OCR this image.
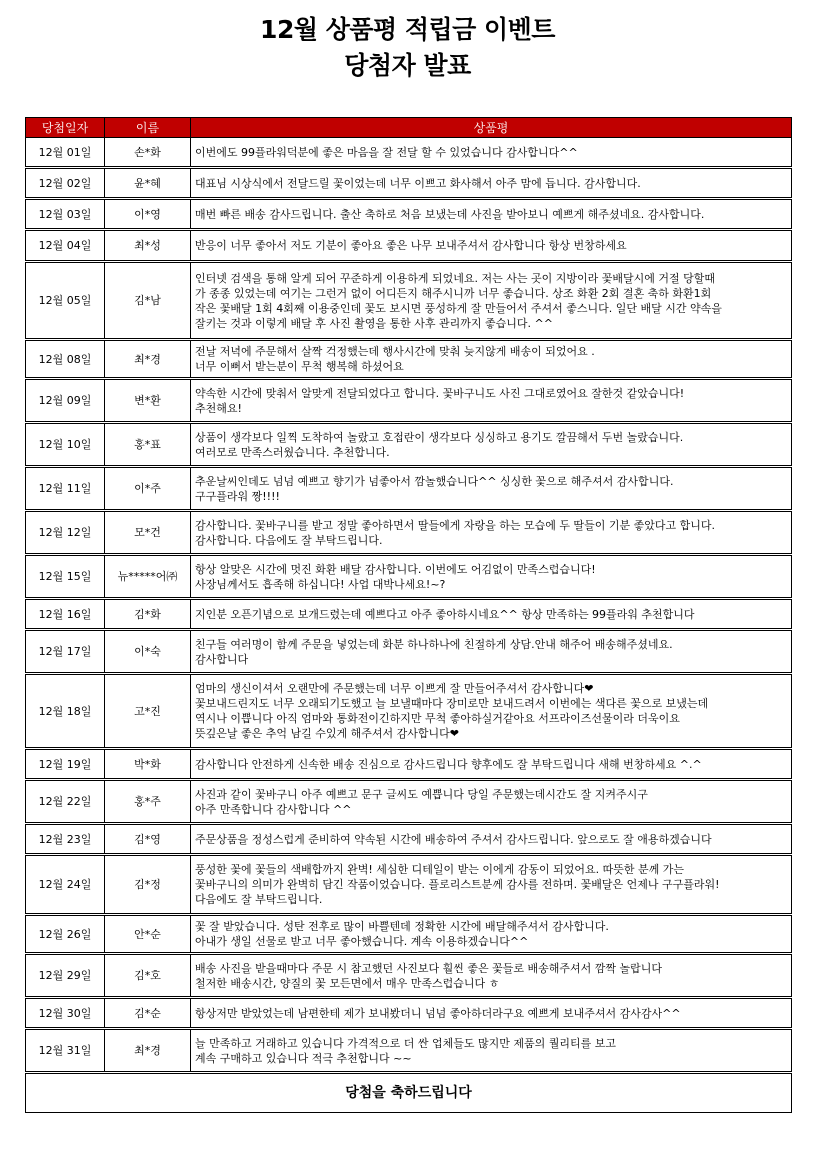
12월 상품평 적립금 이벤트
당첨자 발표
당첨일자	이름	상품평
12월 01일	손*화	이번에도 99플라워덕분에 좋은 마음을 잘 전달 할 수 있었습니다 감사합니다^^

12월 02일	윤*혜	대표님 시상식에서 전달드릴 꽃이었는데 너무 이쁘고 화사해서 아주 맘에 듭니다. 감사합니다.

12월 03일	이*영	매번 빠른 배송 감사드립니다. 출산 축하로 처음 보냈는데 사진을 받아보니 예쁘게 해주셨네요. 감사합니다.

12월 04일	최*성	반응이 너무 좋아서 저도 기분이 좋아요 좋은 나무 보내주셔서 감사합니다 항상 번창하세요

12월 05일	김*남	인터넷 검색을 통해 알게 되어 꾸준하게 이용하게 되었네요. 저는 사는 곳이 지방이라 꽃배달시에 거절 당할때
가 종종 있었는데 여기는 그런거 없이 어디든지 해주시니까 너무 좋습니다. 상조 화환 2회 결혼 축하 화환1회
작은 꽃배달 1회 4회째 이용중인데 꽃도 보시면 풍성하게 잘 만들어서 주셔서 좋스니다. 일단 배달 시간 약속을
잘키는 것과 이렇게 배달 후 사진 촬영을 통한 사후 관리까지 좋습니다. ^^

12월 08일	최*경	전날 저녁에 주문해서 살짝 걱정했는데 행사시간에 맞춰 늦지않게 배송이 되었어요 .
너무 이뻐서 받는분이 무척 행복해 하셨어요

12월 09일	변*환	약속한 시간에 맞춰서 알맞게 전달되었다고 합니다. 꽃바구니도 사진 그대로였어요 잘한것 같았습니다!
추천해요!

12월 10일	홍*표	상품이 생각보다 일찍 도착하여 놀랐고 호접란이 생각보다 싱싱하고 용기도 깔끔해서 두번 놀랐습니다.
여러모로 만족스러웠습니다. 추천합니다.

12월 11일	이*주	추운날씨인데도 넘넘 예쁘고 향기가 넘좋아서 깜놀했습니다^^ 싱싱한 꽃으로 해주셔서 감사합니다.
구구플라워 짱!!!!

12월 12일	모*건	감사합니다. 꽃바구니를 받고 정말 좋아하면서 딸들에게 자랑을 하는 모습에 두 딸들이 기분 좋았다고 합니다.
감사합니다. 다음에도 잘 부탁드립니다.

12월 15일	뉴*****어㈜	항상 알맞은 시간에 멋진 화환 배달 감사합니다. 이번에도 어김없이 만족스럽습니다!
사장님께서도 흡족해 하십니다! 사업 대박나세요!~?

12월 16일	김*화	지인분 오픈기념으로 보개드렸는데 예쁘다고 아주 좋아하시네요^^ 항상 만족하는 99플라워 추천합니다

12월 17일	이*숙	친구들 여러명이 함께 주문을 넣었는데 화분 하나하나에 친절하게 상담.안내 해주어 배송해주셨네요.
감사합니다

12월 18일	고*진	엄마의 생신이셔서 오랜만에 주문했는데 너무 이쁘게 잘 만들어주셔서 감사합니다❤
꽃보내드린지도 너무 오래되기도했고 늘 보낼때마다 장미로만 보내드려서 이번에는 색다른 꽃으로 보냈는데
역시나 이쁩니다 아직 엄마와 통화전이긴하지만 무척 좋아하실거같아요 서프라이즈선물이라 더욱이요
뜻깊은날 좋은 추억 남길 수있게 해주셔서 감사합니다❤

12월 19일	박*화	감사합니다 안전하게 신속한 배송 진심으로 감사드립니다 향후에도 잘 부탁드립니다 새해 번창하세요 ^.^

12월 22일	홍*주	사진과 같이 꽃바구니 아주 예쁘고 문구 글씨도 예쁩니다 당일 주문했는데시간도 잘 지켜주시구
아주 만족합니다 감사합니다 ^^

12월 23일	김*영	주문상품을 정성스럽게 준비하여 약속된 시간에 배송하여 주셔서 감사드립니다. 앞으로도 잘 애용하겠습니다

12월 24일	김*정	풍성한 꽃에 꽃들의 색배합까지 완벽! 세심한 디테일이 받는 이에게 감동이 되었어요. 따뜻한 분께 가는
꽃바구니의 의미가 완벽히 담긴 작품이었습니다. 플로리스트분께 감사를 전하며. 꽃배달은 언제나 구구플라워!
다음에도 잘 부탁드립니다.

12월 26일	안*순	꽃 잘 받았습니다. 성탄 전후로 많이 바쁠텐데 정확한 시간에 배달해주셔서 감사합니다.
아내가 생일 선물로 받고 너무 좋아했습니다. 계속 이용하겠습니다^^

12월 29일	김*호	배송 사진을 받을때마다 주문 시 참고했던 사진보다 훨씬 좋은 꽃들로 배송해주셔서 깜짝 놀랍니다
철저한 배송시간, 양질의 꽃 모든면에서 매우 만족스럽습니다 ㅎ

12월 30일	김*순	항상저만 받았었는데 남편한테 제가 보내봤더니 넘넘 좋아하더라구요 예쁘게 보내주셔서 감사감사^^

12월 31일	최*경	늘 만족하고 거래하고 있습니다 가격적으로 더 싼 업체들도 많지만 제품의 퀄리티를 보고
계속 구매하고 있습니다 적극 추천합니다 ~~

당첨을 축하드립니다		
